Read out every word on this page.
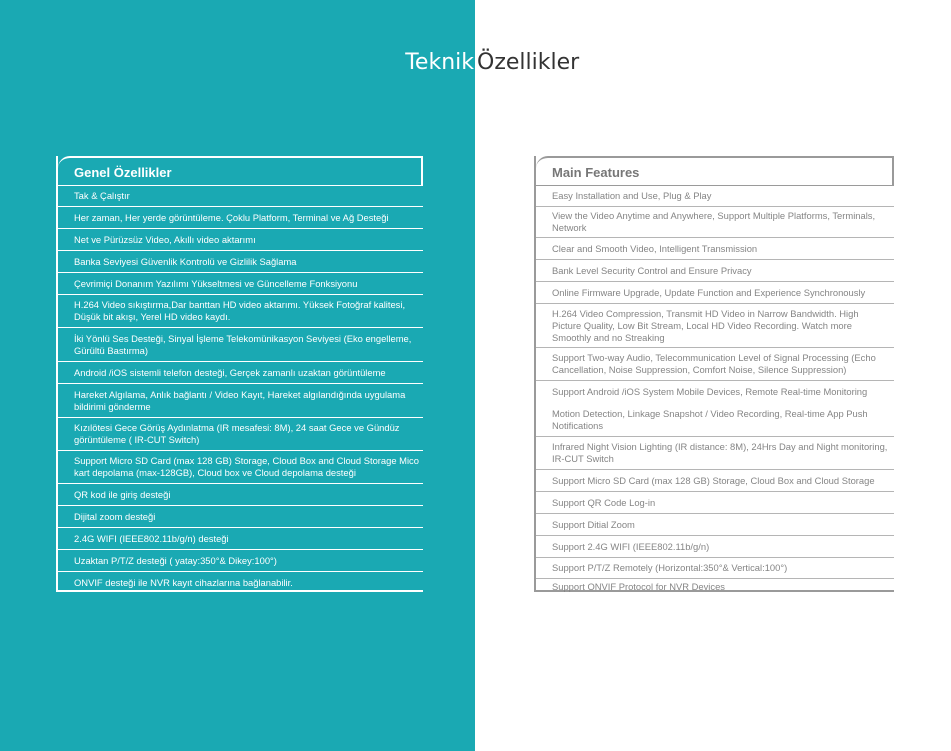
Teknik Özellikler
Genel Özellikler
Tak & Çalıştır
Her zaman, Her yerde görüntüleme. Çoklu Platform, Terminal ve Ağ Desteği
Net ve Pürüzsüz Video, Akıllı video aktarımı
Banka Seviyesi Güvenlik Kontrolü ve Gizlilik Sağlama
Çevrimiçi Donanım Yazılımı Yükseltmesi ve Güncelleme Fonksiyonu
H.264 Video sıkıştırma,Dar banttan HD video aktarımı. Yüksek Fotoğraf kalitesi, Düşük bit akışı, Yerel HD video kaydı.
İki Yönlü Ses Desteği, Sinyal İşleme Telekomünikasyon Seviyesi (Eko engelleme, Gürültü Bastırma)
Android /iOS sistemli telefon desteği, Gerçek zamanlı uzaktan görüntüleme
Hareket Algılama, Anlık bağlantı / Video Kayıt, Hareket algılandığında uygulama bildirimi gönderme
Kızılötesi Gece Görüş Aydınlatma (IR mesafesi: 8M), 24 saat Gece ve Gündüz görüntüleme ( IR-CUT Switch)
Support Micro SD Card (max 128 GB) Storage, Cloud Box and Cloud Storage Mico kart depolama (max-128GB), Cloud box ve Cloud depolama desteği
QR kod ile giriş desteği
Dijital zoom desteği
2.4G WIFI (IEEE802.11b/g/n) desteği
Uzaktan P/T/Z desteği ( yatay:350°& Dikey:100°)
ONVIF desteği ile NVR kayıt cihazlarına bağlanabilir.
Main Features
Easy Installation and Use, Plug & Play
View the Video Anytime and Anywhere, Support Multiple Platforms, Terminals, Network
Clear and Smooth Video, Intelligent Transmission
Bank Level Security Control and Ensure Privacy
Online Firmware Upgrade, Update Function and Experience Synchronously
H.264 Video Compression, Transmit HD Video in Narrow Bandwidth. High Picture Quality, Low Bit Stream, Local HD Video Recording. Watch more Smoothly and no Streaking
Support Two-way Audio, Telecommunication Level of Signal Processing (Echo Cancellation, Noise Suppression, Comfort Noise, Silence Suppression)
Support Android /iOS System Mobile Devices, Remote Real-time Monitoring
Motion Detection, Linkage Snapshot / Video Recording, Real-time App Push Notifications
Infrared Night Vision Lighting (IR distance: 8M), 24Hrs Day and Night monitoring, IR-CUT Switch
Support Micro SD Card (max 128 GB) Storage, Cloud Box and Cloud Storage
Support QR Code Log-in
Support Ditial Zoom
Support 2.4G WIFI (IEEE802.11b/g/n)
Support P/T/Z Remotely (Horizontal:350°& Vertical:100°)
Support ONVIF Protocol for NVR Devices
